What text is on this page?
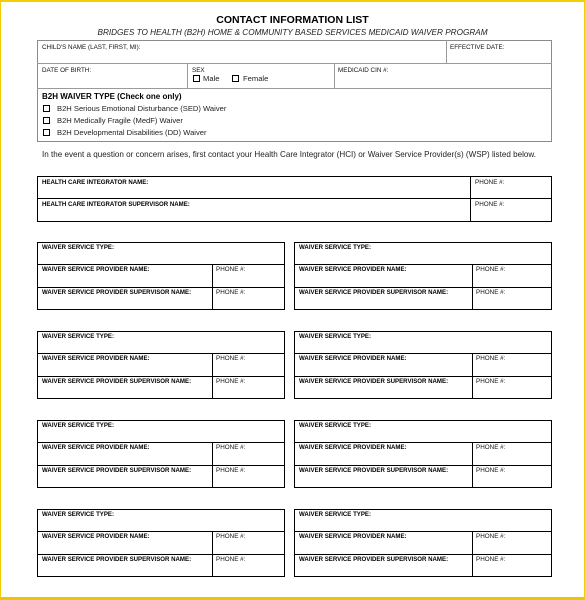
CONTACT INFORMATION LIST
BRIDGES TO HEALTH (B2H) HOME & COMMUNITY BASED SERVICES MEDICAID WAIVER PROGRAM
CHILD'S NAME (LAST, FIRST, MI):	EFFECTIVE DATE:
DATE OF BIRTH:	SEX
Male	Female
MEDICAID CIN #:
B2H WAIVER TYPE (Check one only)
B2H Serious Emotional Disturbance (SED) Waiver
B2H Medically Fragile (MedF) Waiver
B2H Developmental Disabilities (DD) Waiver
In the event a question or concern arises, first contact your Health Care Integrator (HCI) or Waiver Service Provider(s) (WSP) listed below.
HEALTH CARE INTEGRATOR NAME:	PHONE #:
HEALTH CARE INTEGRATOR SUPERVISOR NAME:	PHONE #:
WAIVER SERVICE TYPE:
WAIVER SERVICE PROVIDER NAME:	PHONE #:
WAIVER SERVICE PROVIDER SUPERVISOR NAME:	PHONE #:
WAIVER SERVICE TYPE:
WAIVER SERVICE PROVIDER NAME:	PHONE #:
WAIVER SERVICE PROVIDER SUPERVISOR NAME:	PHONE #:
WAIVER SERVICE TYPE:
WAIVER SERVICE PROVIDER NAME:	PHONE #:
WAIVER SERVICE PROVIDER SUPERVISOR NAME:	PHONE #:
WAIVER SERVICE TYPE:
WAIVER SERVICE PROVIDER NAME:	PHONE #:
WAIVER SERVICE PROVIDER SUPERVISOR NAME:	PHONE #:
WAIVER SERVICE TYPE:
WAIVER SERVICE PROVIDER NAME:	PHONE #:
WAIVER SERVICE PROVIDER SUPERVISOR NAME:	PHONE #:
WAIVER SERVICE TYPE:
WAIVER SERVICE PROVIDER NAME:	PHONE #:
WAIVER SERVICE PROVIDER SUPERVISOR NAME:	PHONE #:
WAIVER SERVICE TYPE:
WAIVER SERVICE PROVIDER NAME:	PHONE #:
WAIVER SERVICE PROVIDER SUPERVISOR NAME:	PHONE #:
WAIVER SERVICE TYPE:
WAIVER SERVICE PROVIDER NAME:	PHONE #:
WAIVER SERVICE PROVIDER SUPERVISOR NAME:	PHONE #:
